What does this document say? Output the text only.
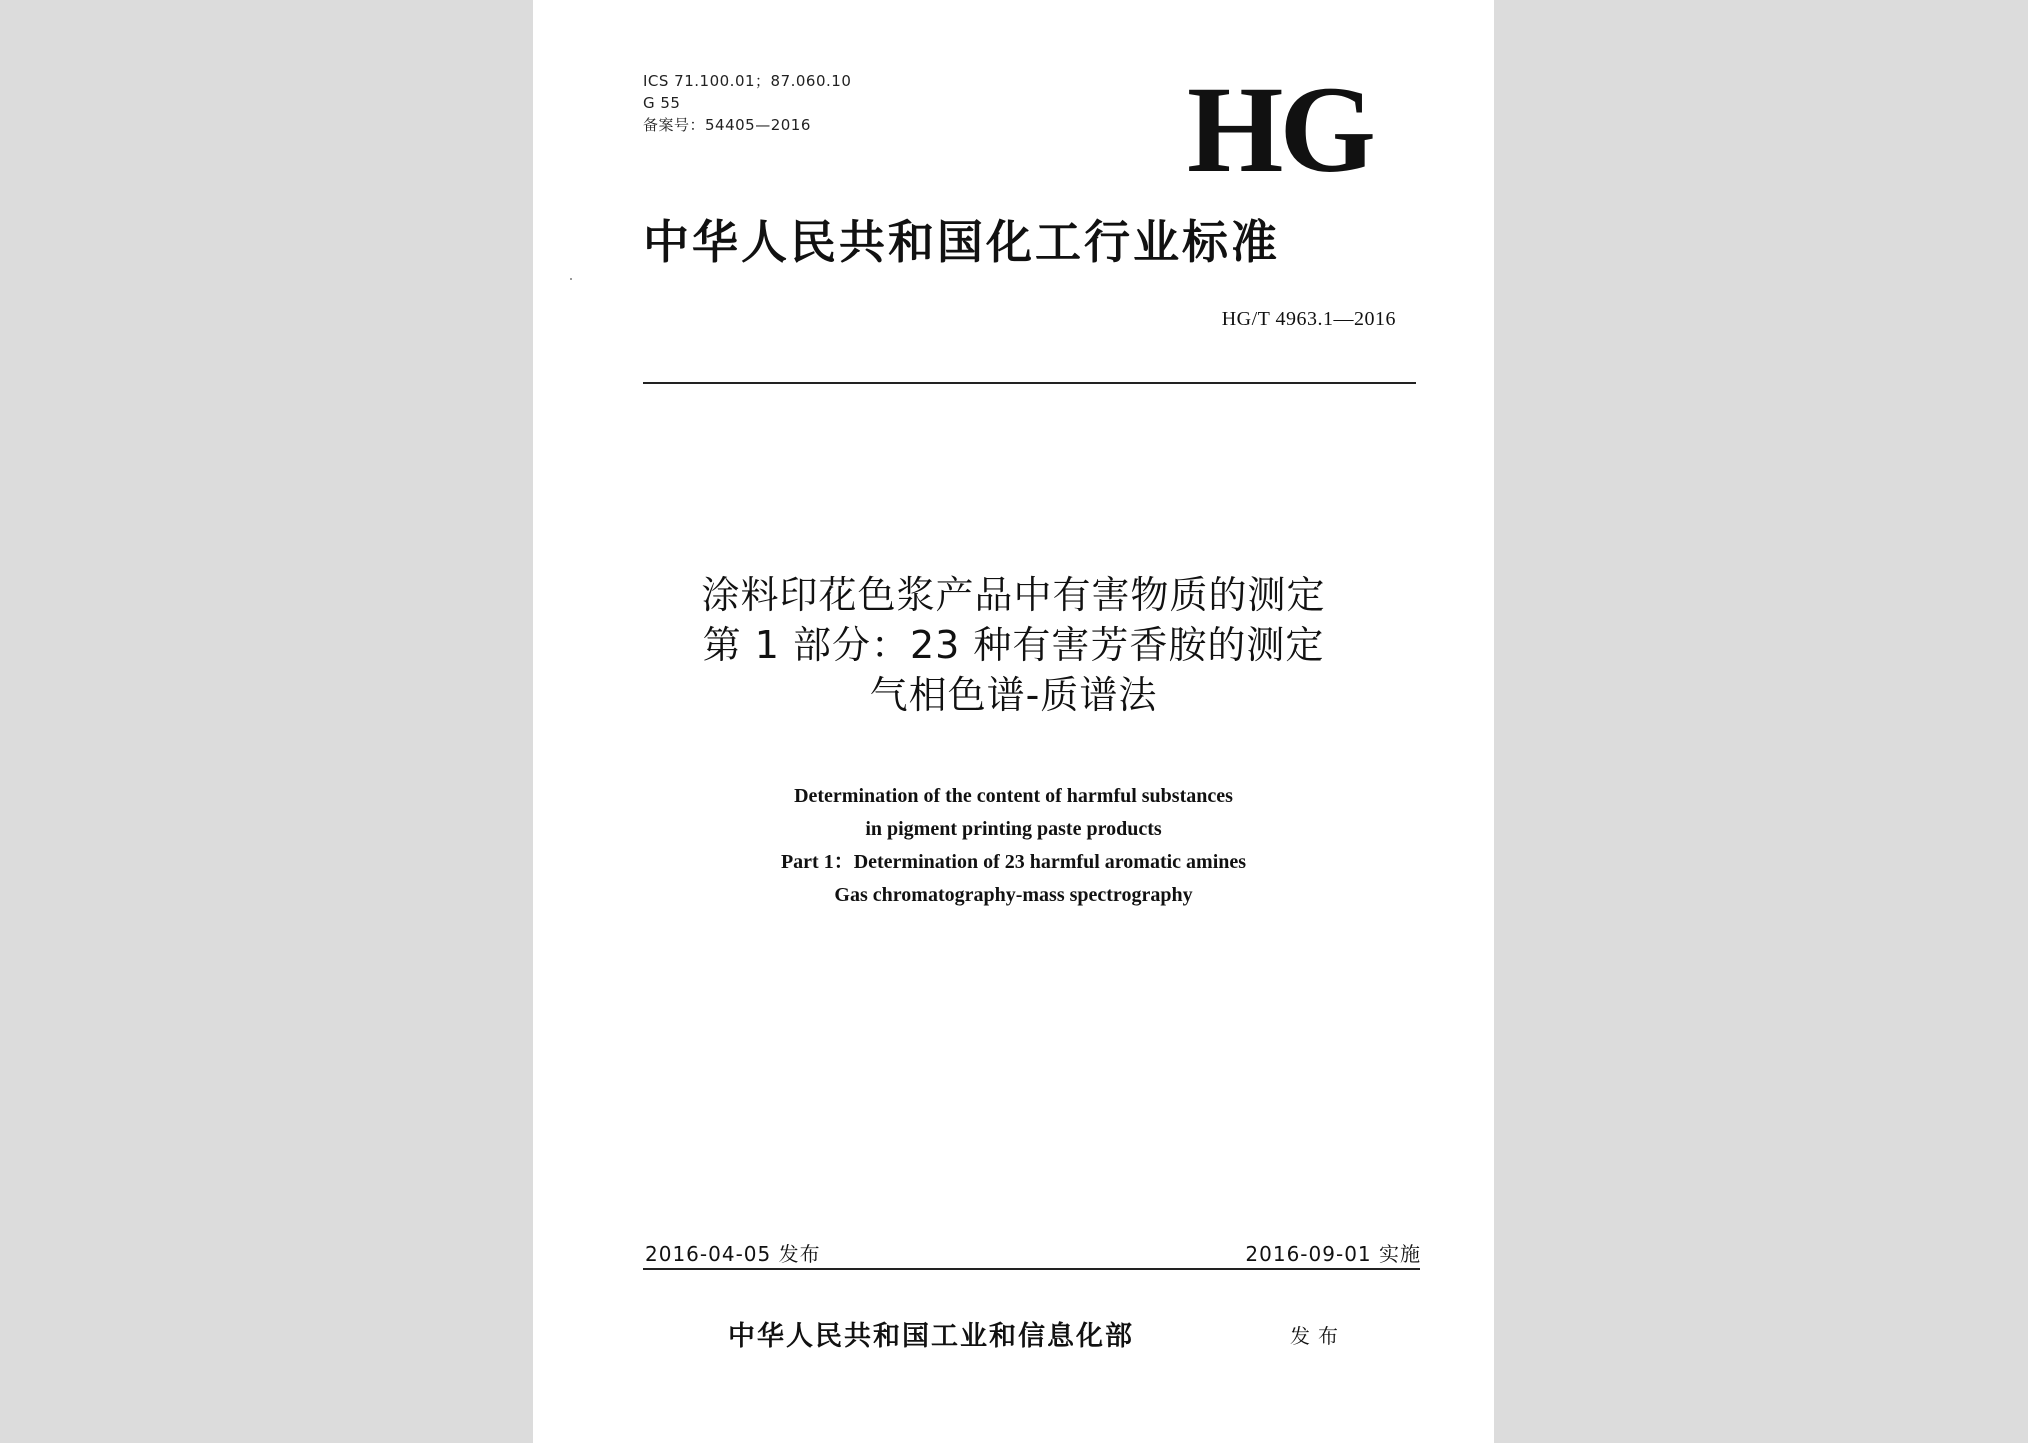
ICS 71.100.01；87.060.10
G 55
备案号：54405—2016	HG
中华人民共和国化工行业标准
HG/T 4963.1—2016
涂料印花色浆产品中有害物质的测定
第 1 部分：23 种有害芳香胺的测定
气相色谱-质谱法
Determination of the content of harmful substances
in pigment printing paste products
Part 1：Determination of 23 harmful aromatic amines
Gas chromatography-mass spectrography
2016-04-05 发布	2016-09-01 实施
中华人民共和国工业和信息化部	发布
